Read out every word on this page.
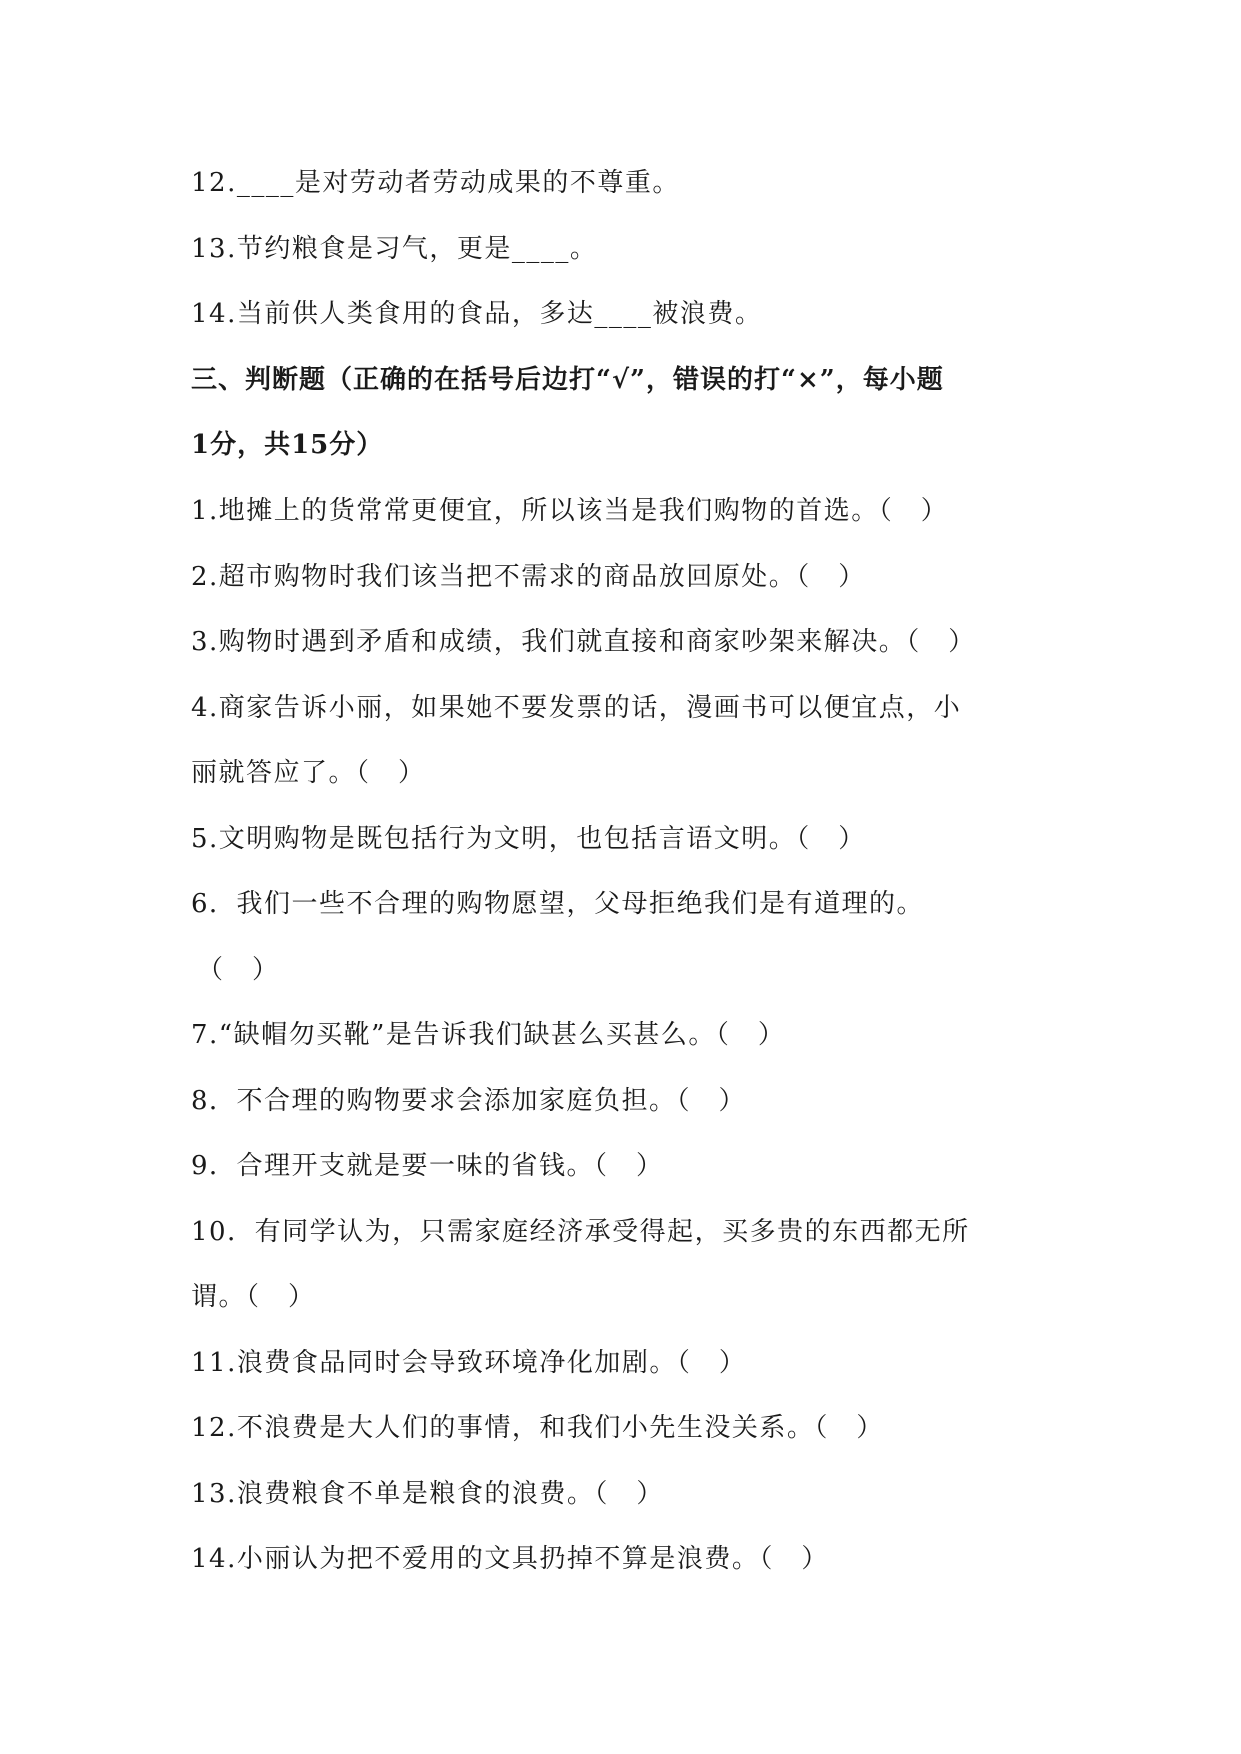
12.____是对劳动者劳动成果的不尊重。
13.节约粮食是习气，更是____。
14.当前供人类食用的食品，多达____被浪费。
三、判断题（正确的在括号后边打“√”，错误的打“×”，每小题
1分，共15分）
1.地摊上的货常常更便宜，所以该当是我们购物的首选。（　）
2.超市购物时我们该当把不需求的商品放回原处。（　）
3.购物时遇到矛盾和成绩，我们就直接和商家吵架来解决。（　）
4.商家告诉小丽，如果她不要发票的话，漫画书可以便宜点，小
丽就答应了。（　）
5.文明购物是既包括行为文明，也包括言语文明。（　）
6．我们一些不合理的购物愿望，父母拒绝我们是有道理的。
（　）
7.“缺帽勿买靴”是告诉我们缺甚么买甚么。（　）
8．不合理的购物要求会添加家庭负担。（　）
9．合理开支就是要一味的省钱。（　）
10．有同学认为，只需家庭经济承受得起，买多贵的东西都无所
谓。（　）
11.浪费食品同时会导致环境净化加剧。（　）
12.不浪费是大人们的事情，和我们小先生没关系。（　）
13.浪费粮食不单是粮食的浪费。（　）
14.小丽认为把不爱用的文具扔掉不算是浪费。（　）
